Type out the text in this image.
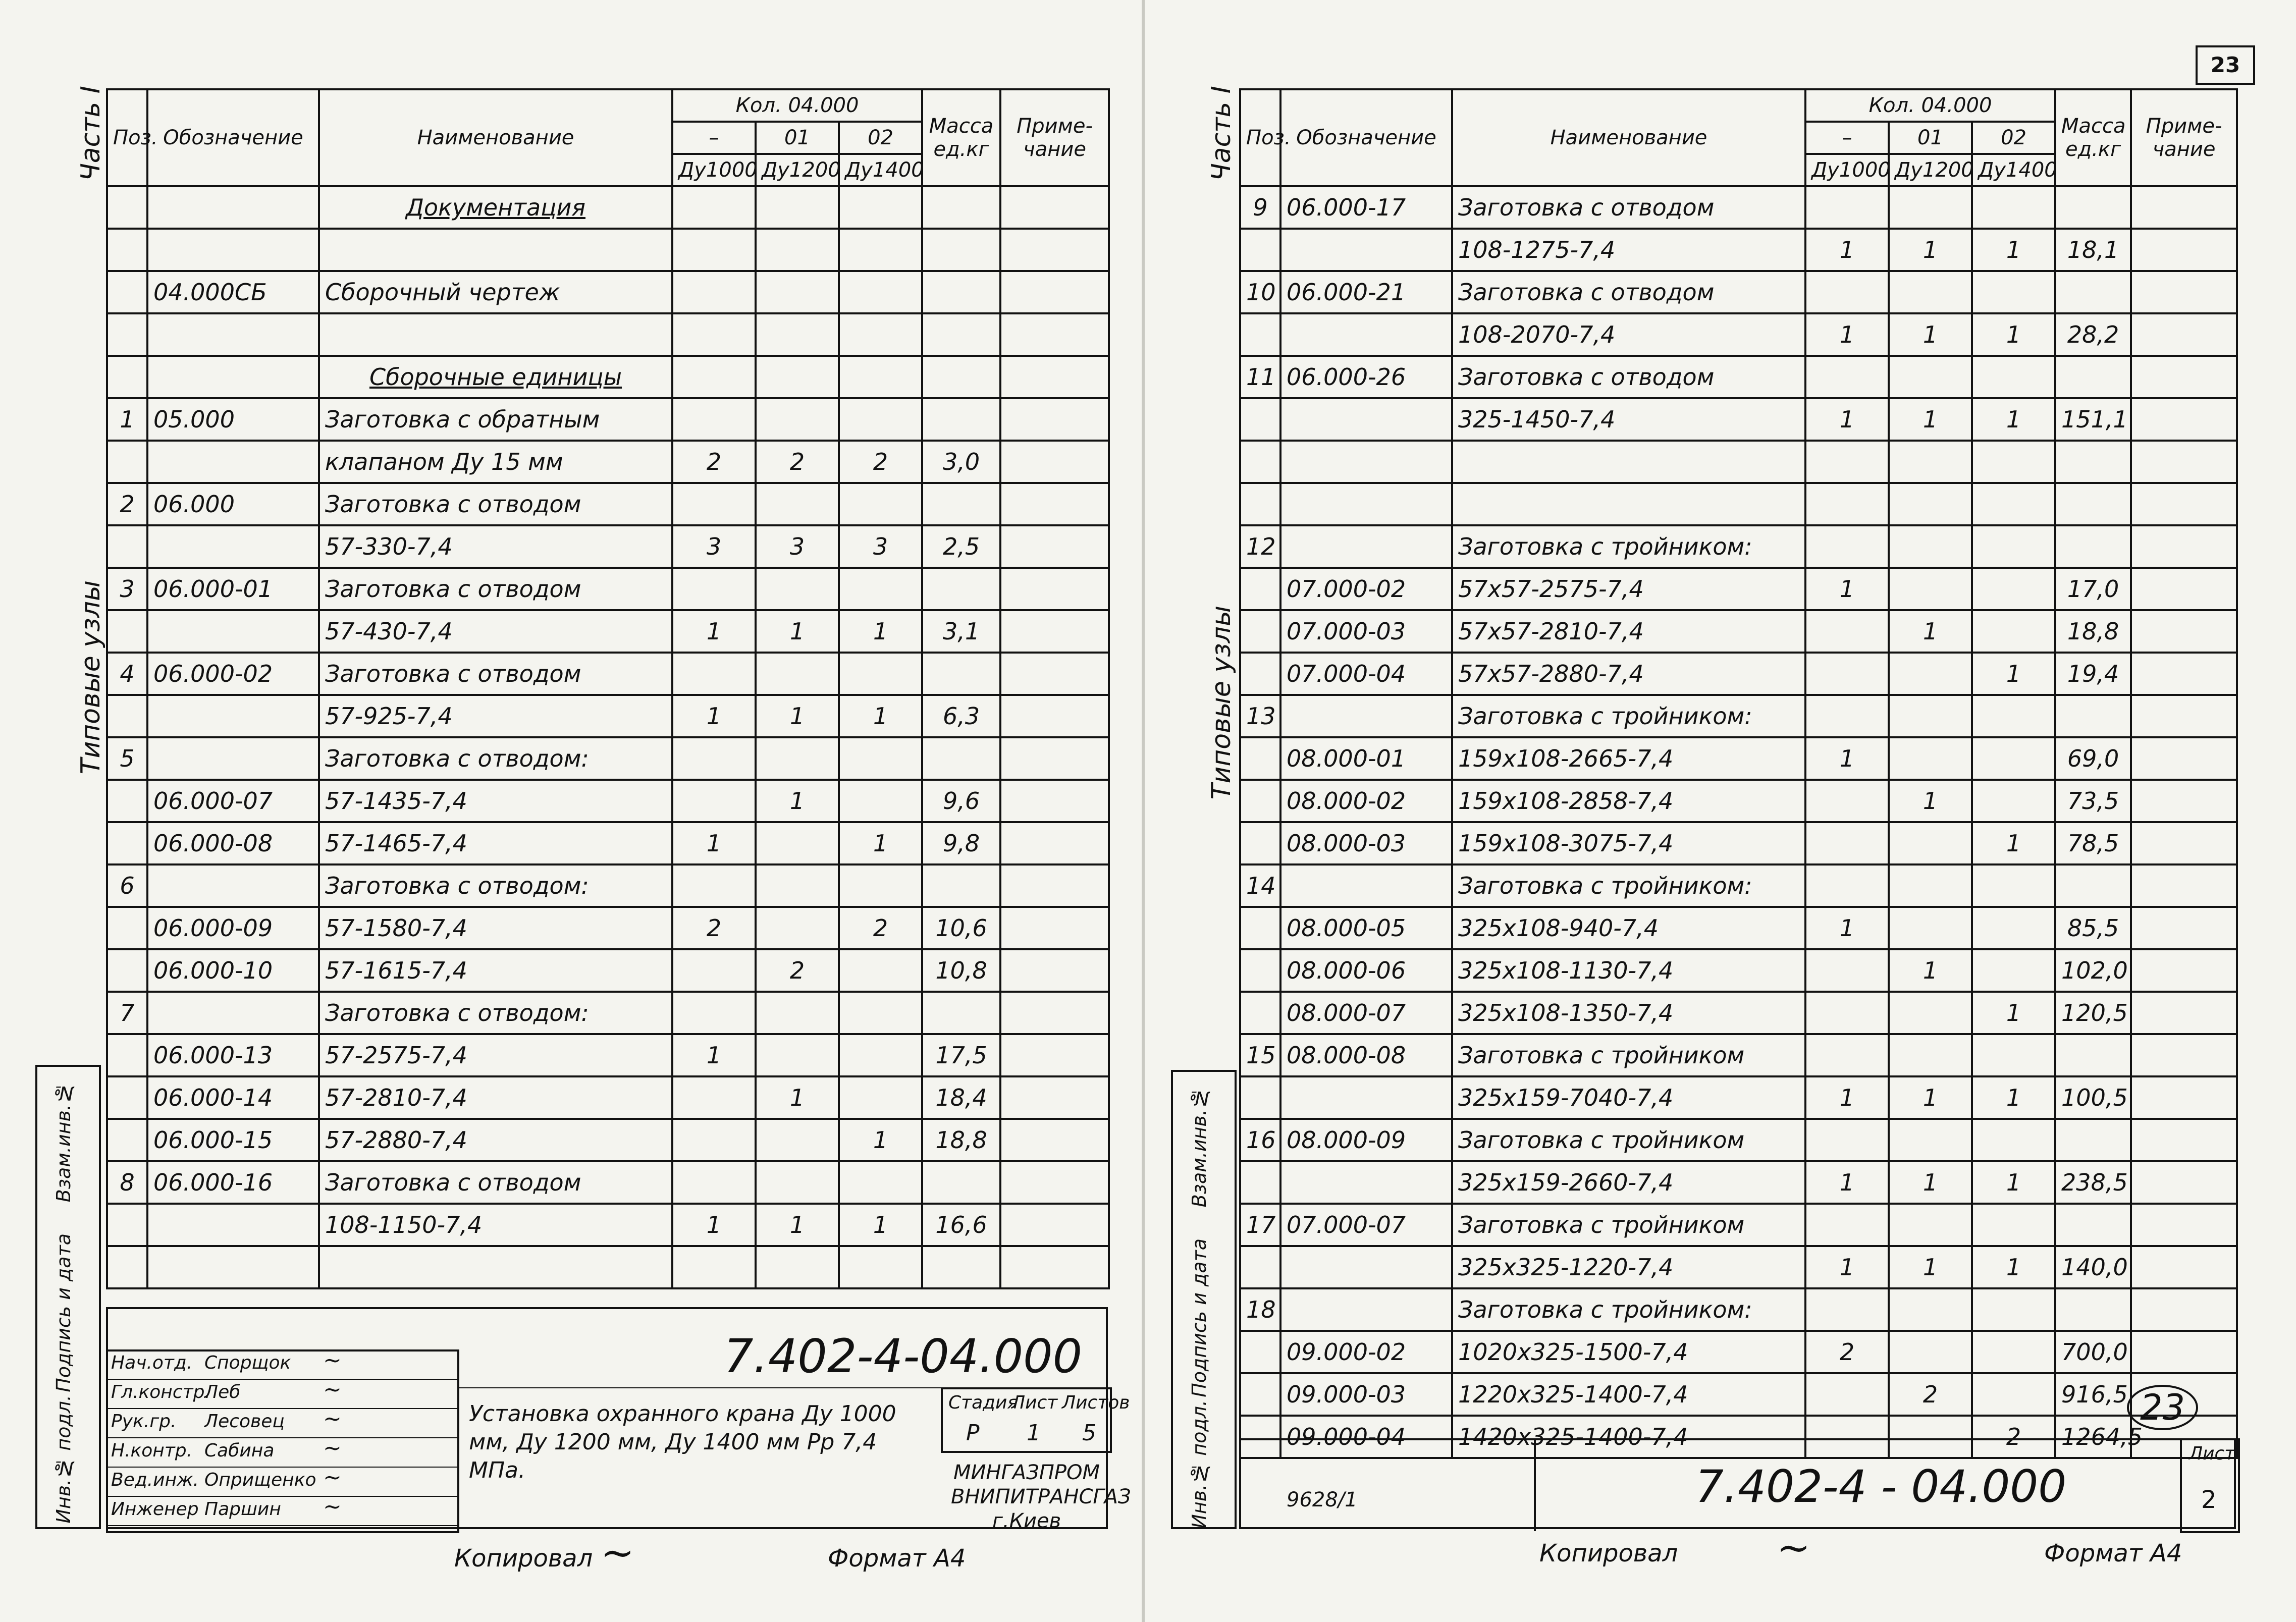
Часть I
Типовые узлы
Взам.инв.№
Подпись и дата
Инв.№ подл.
Поз.	Обозначение	Наименование	Кол. 04.000			Масса ед.кг	Приме- чание
			–	01	02		
			Ду1000	Ду1200	Ду1400		
		Документация					

	04.000СБ	Сборочный чертеж					

		Сборочные единицы					
1	05.000	Заготовка с обратным					
		клапаном Ду 15 мм	2	2	2	3,0	
2	06.000	Заготовка с отводом					
		57-330-7,4	3	3	3	2,5	
3	06.000-01	Заготовка с отводом					
		57-430-7,4	1	1	1	3,1	
4	06.000-02	Заготовка с отводом					
		57-925-7,4	1	1	1	6,3	
5		Заготовка с отводом:					
	06.000-07	57-1435-7,4		1		9,6	
	06.000-08	57-1465-7,4	1		1	9,8	
6		Заготовка с отводом:					
	06.000-09	57-1580-7,4	2		2	10,6	
	06.000-10	57-1615-7,4		2		10,8	
7		Заготовка с отводом:					
	06.000-13	57-2575-7,4	1			17,5	
	06.000-14	57-2810-7,4		1		18,4	
	06.000-15	57-2880-7,4			1	18,8	
8	06.000-16	Заготовка с отводом					
		108-1150-7,4	1	1	1	16,6	

7.402-4-04.000
Установка охранного крана Ду 1000 мм, Ду 1200 мм, Ду 1400 мм Рр 7,4 МПа.
Стадия
Лист Листов
Р 1 5
МИНГАЗПРОМ ВНИПИТРАНСГАЗ г.Киев
Нач.отд. Спорщок ~
Гл.констр.
Леб	~
Рук.гр. Лесовец ~
Н.контр. Сабина ~
Вед.инж. Оприщенко ~
Инженер Паршин ~
Копировал ~	Формат А4
23
Часть I
Типовые узлы
Взам.инв.№
Подпись и дата
Инв.№ подл.
Поз.	Обозначение	Наименование	Кол. 04.000			Масса ед.кг	Приме- чание
			–	01	02		
			Ду1000	Ду1200	Ду1400		
9	06.000-17	Заготовка с отводом					
		108-1275-7,4	1	1	1	18,1	
10	06.000-21	Заготовка с отводом					
		108-2070-7,4	1	1	1	28,2	
11	06.000-26	Заготовка с отводом					
		325-1450-7,4	1	1	1	151,1	

12		Заготовка с тройником:					
	07.000-02	57x57-2575-7,4	1			17,0	
	07.000-03	57x57-2810-7,4		1		18,8	
	07.000-04	57x57-2880-7,4			1	19,4	
13		Заготовка с тройником:					
	08.000-01	159x108-2665-7,4	1			69,0	
	08.000-02	159x108-2858-7,4		1		73,5	
	08.000-03	159x108-3075-7,4			1	78,5	
14		Заготовка с тройником:					
	08.000-05	325x108-940-7,4	1			85,5	
	08.000-06	325x108-1130-7,4		1		102,0	
	08.000-07	325x108-1350-7,4			1	120,5	
15	08.000-08	Заготовка с тройником					
		325x159-7040-7,4	1	1	1	100,5	
16	08.000-09	Заготовка с тройником					
		325x159-2660-7,4	1	1	1	238,5	
17	07.000-07	Заготовка с тройником					
		325x325-1220-7,4	1	1	1	140,0	
18		Заготовка с тройником:					
	09.000-02	1020x325-1500-7,4	2			700,0	
	09.000-03	1220x325-1400-7,4		2		916,5	
	09.000-04	1420x325-1400-7,4			2	1264,5	
9628/1	7.402-4 - 04.000
Лист
2
23
Копировал ~	Формат А4
